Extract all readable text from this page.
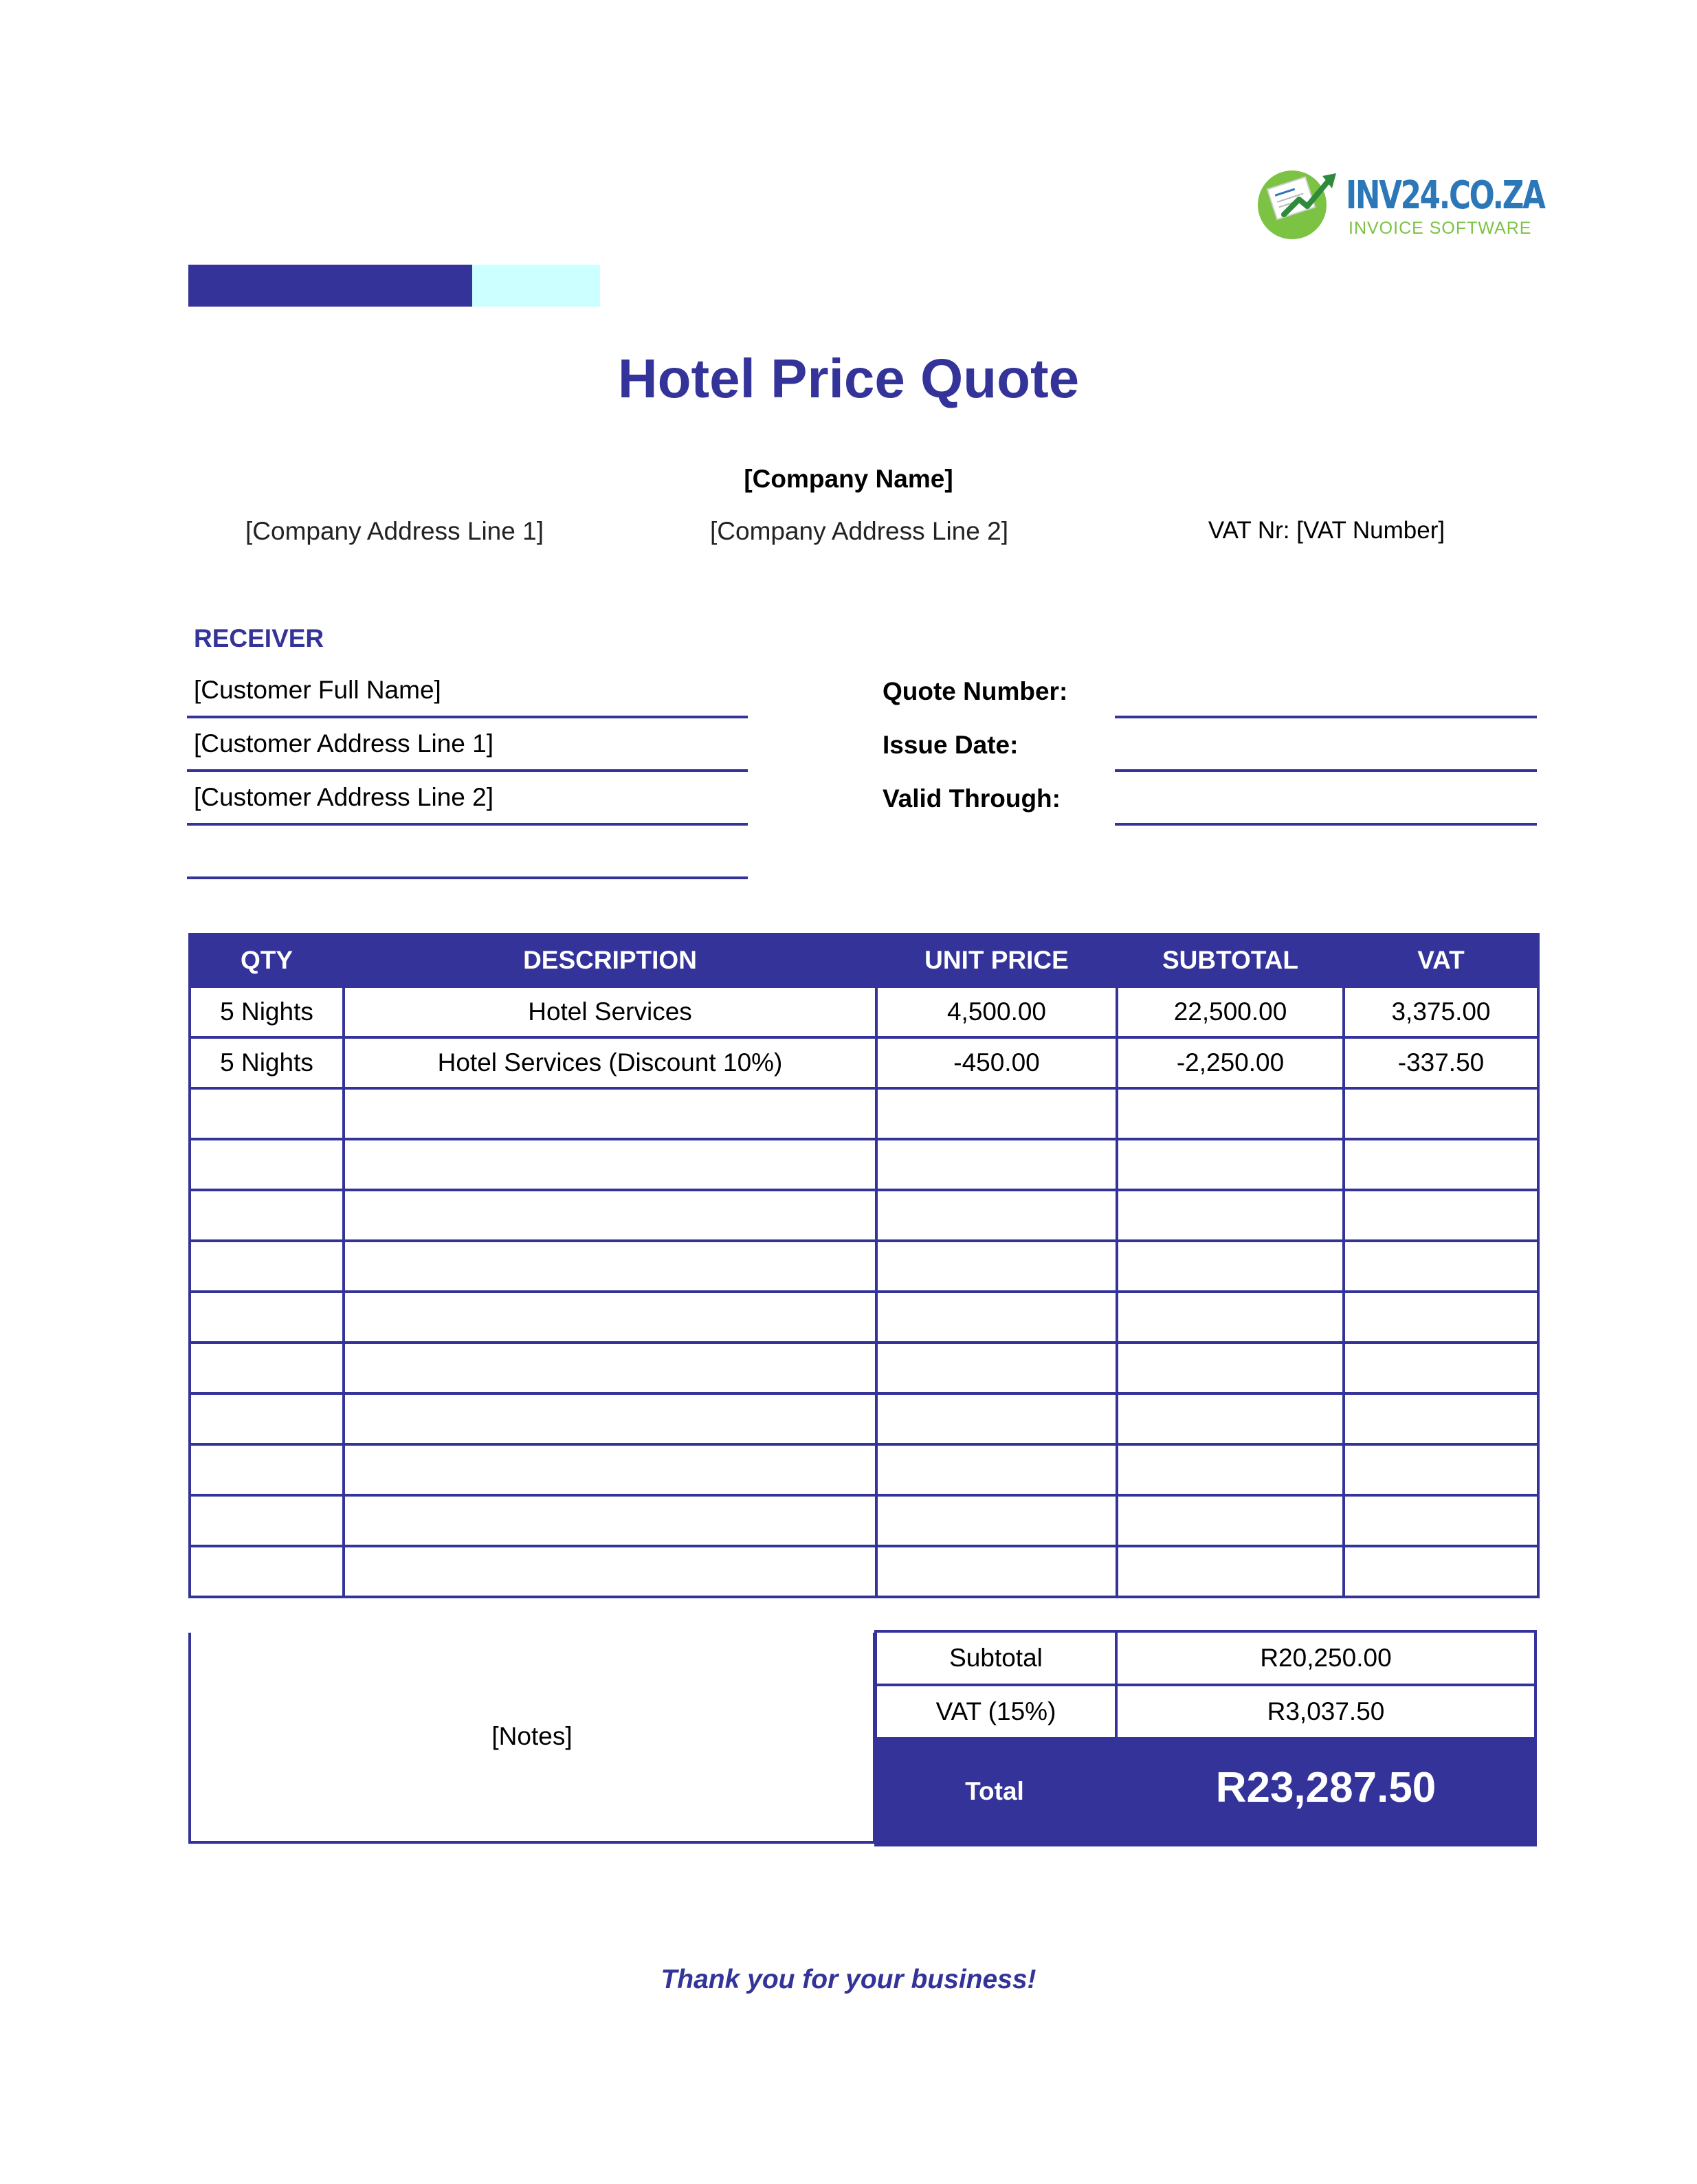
INV24.CO.ZA
INVOICE SOFTWARE
Hotel Price Quote
[Company Name]
[Company Address Line 1]	[Company Address Line 2]	VAT Nr: [VAT Number]
RECEIVER
[Customer Full Name]
[Customer Address Line 1]
[Customer Address Line 2]
Quote Number:
Issue Date:
Valid Through:
QTY	DESCRIPTION	UNIT PRICE	SUBTOTAL	VAT
5 Nights	Hotel Services	4,500.00	22,500.00	3,375.00
5 Nights	Hotel Services (Discount 10%)	-450.00	-2,250.00	-337.50

[Notes]
Subtotal	R20,250.00
VAT (15%)	R3,037.50
Total	R23,287.50
Thank you for your business!
